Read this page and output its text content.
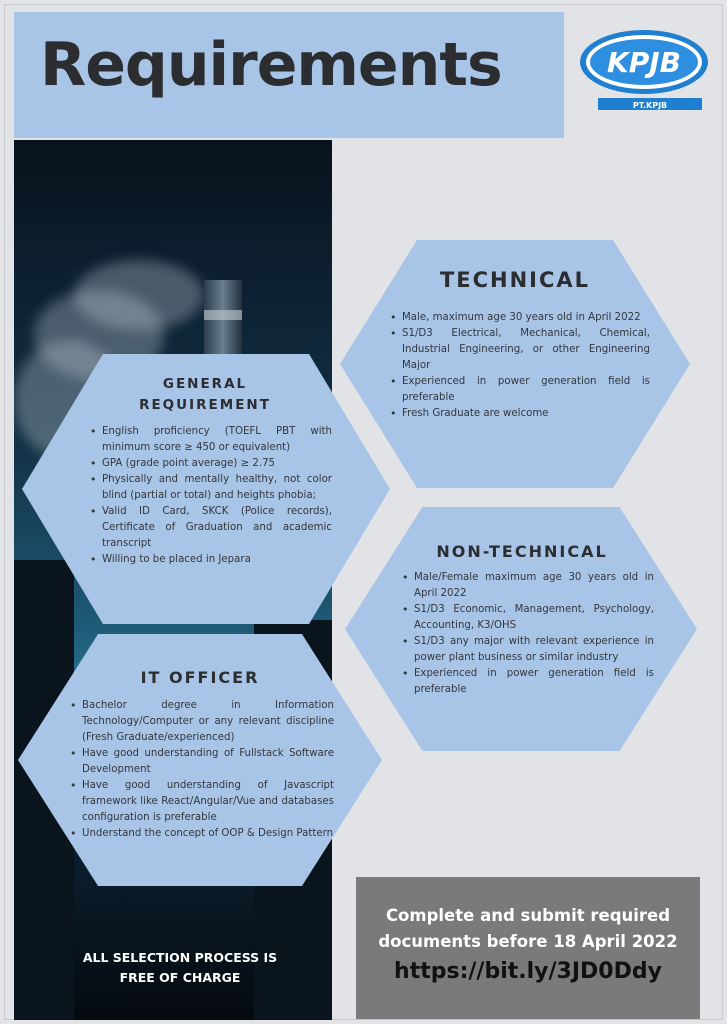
Requirements	KPJB
PT.KPJB
TECHNICAL
• Male, maximum age 30 years old in April 2022
• S1/D3 Electrical, Mechanical, Chemical, Industrial Engineering, or other Engineering Major
• Experienced in power generation field is preferable
• Fresh Graduate are welcome
GENERAL
REQUIREMENT
• English proficiency (TOEFL PBT with minimum score ≥ 450 or equivalent)
• GPA (grade point average) ≥ 2.75
• Physically and mentally healthy, not color blind (partial or total) and heights phobia;
• Valid ID Card, SKCK (Police records), Certificate of Graduation and academic transcript
• Willing to be placed in Jepara	NON-TECHNICAL
• Male/Female maximum age 30 years old in April 2022
• S1/D3 Economic, Management, Psychology, Accounting, K3/OHS
• S1/D3 any major with relevant experience in power plant business or similar industry
• Experienced in power generation field is preferable
IT OFFICER
• Bachelor degree in Information Technology/Computer or any relevant discipline (Fresh Graduate/experienced)
• Have good understanding of Fullstack Software Development
• Have good understanding of Javascript framework like React/Angular/Vue and databases configuration is preferable
• Understand the concept of OOP & Design Pattern
ALL SELECTION PROCESS IS
FREE OF CHARGE
Complete and submit required
documents before 18 April 2022
https://bit.ly/3JD0Ddy
